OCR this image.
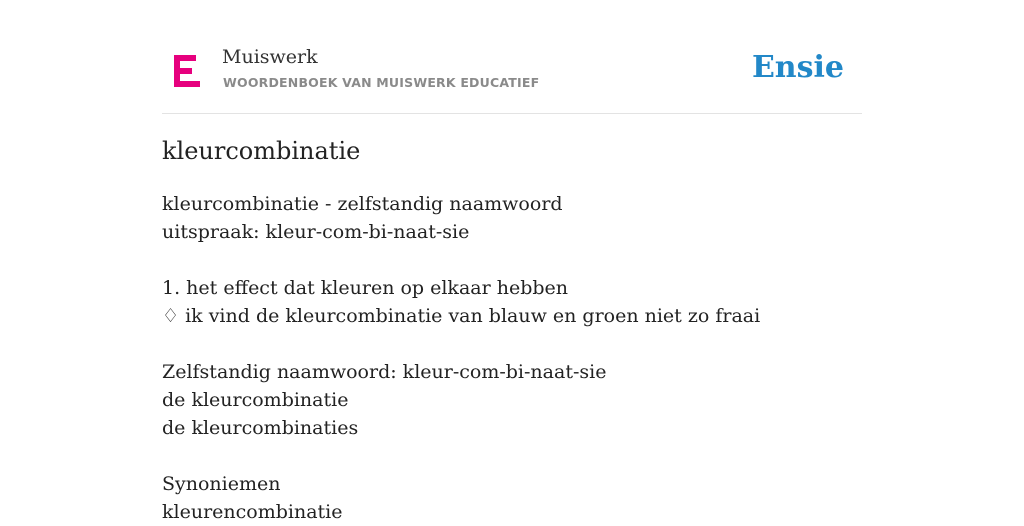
Muiswerk
WOORDENBOEK VAN MUISWERK EDUCATIEF	Ensie
kleurcombinatie
kleurcombinatie - zelfstandig naamwoord
uitspraak: kleur-com-bi-naat-sie
1. het effect dat kleuren op elkaar hebben
♢ ik vind de kleurcombinatie van blauw en groen niet zo fraai
Zelfstandig naamwoord: kleur-com-bi-naat-sie
de kleurcombinatie
de kleurcombinaties
Synoniemen
kleurencombinatie
